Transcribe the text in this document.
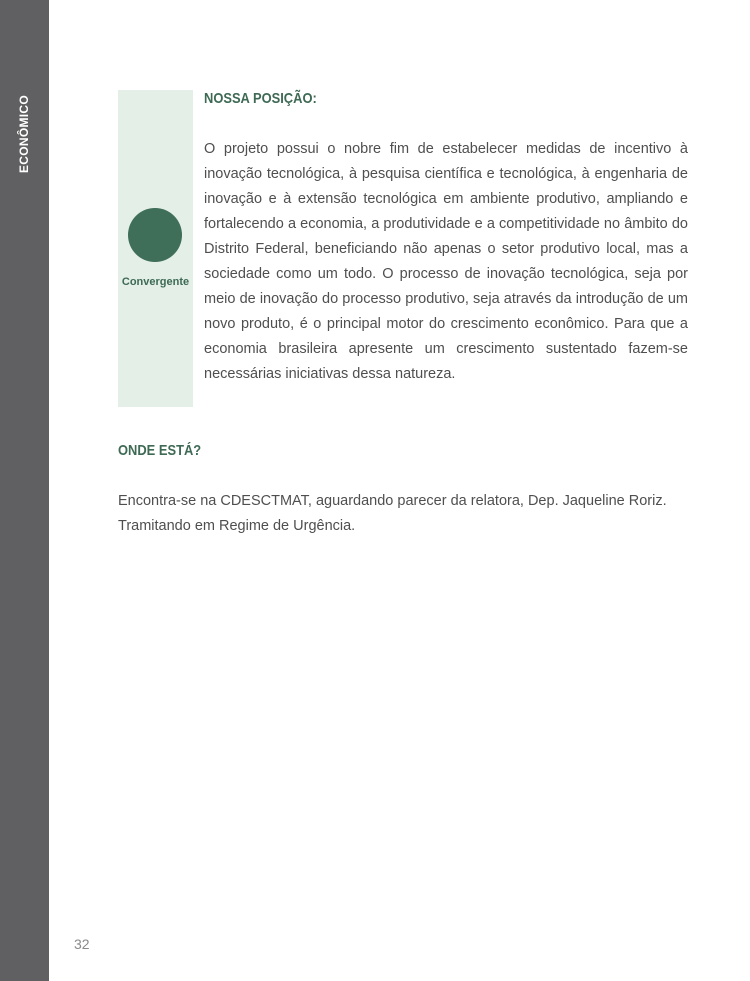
ECONÔMICO
Convergente
NOSSA POSIÇÃO:
O projeto possui o nobre fim de estabelecer medidas de incentivo à inovação tecnológica, à pesquisa científica e tecnológica, à engenharia de inovação e à extensão tecnológica em ambiente produtivo, ampliando e fortalecendo a economia, a produtividade e a competitividade no âmbito do Distrito Federal, beneficiando não apenas o setor produtivo local, mas a sociedade como um todo. O processo de inovação tecnológica, seja por meio de inovação do processo produtivo, seja através da introdução de um novo produto, é o principal motor do crescimento econômico. Para que a economia brasileira apresente um crescimento sustentado fazem-se necessárias iniciativas dessa natureza.
ONDE ESTÁ?
Encontra-se na CDESCTMAT, aguardando parecer da relatora, Dep. Jaqueline Roriz.
Tramitando em Regime de Urgência.
32
